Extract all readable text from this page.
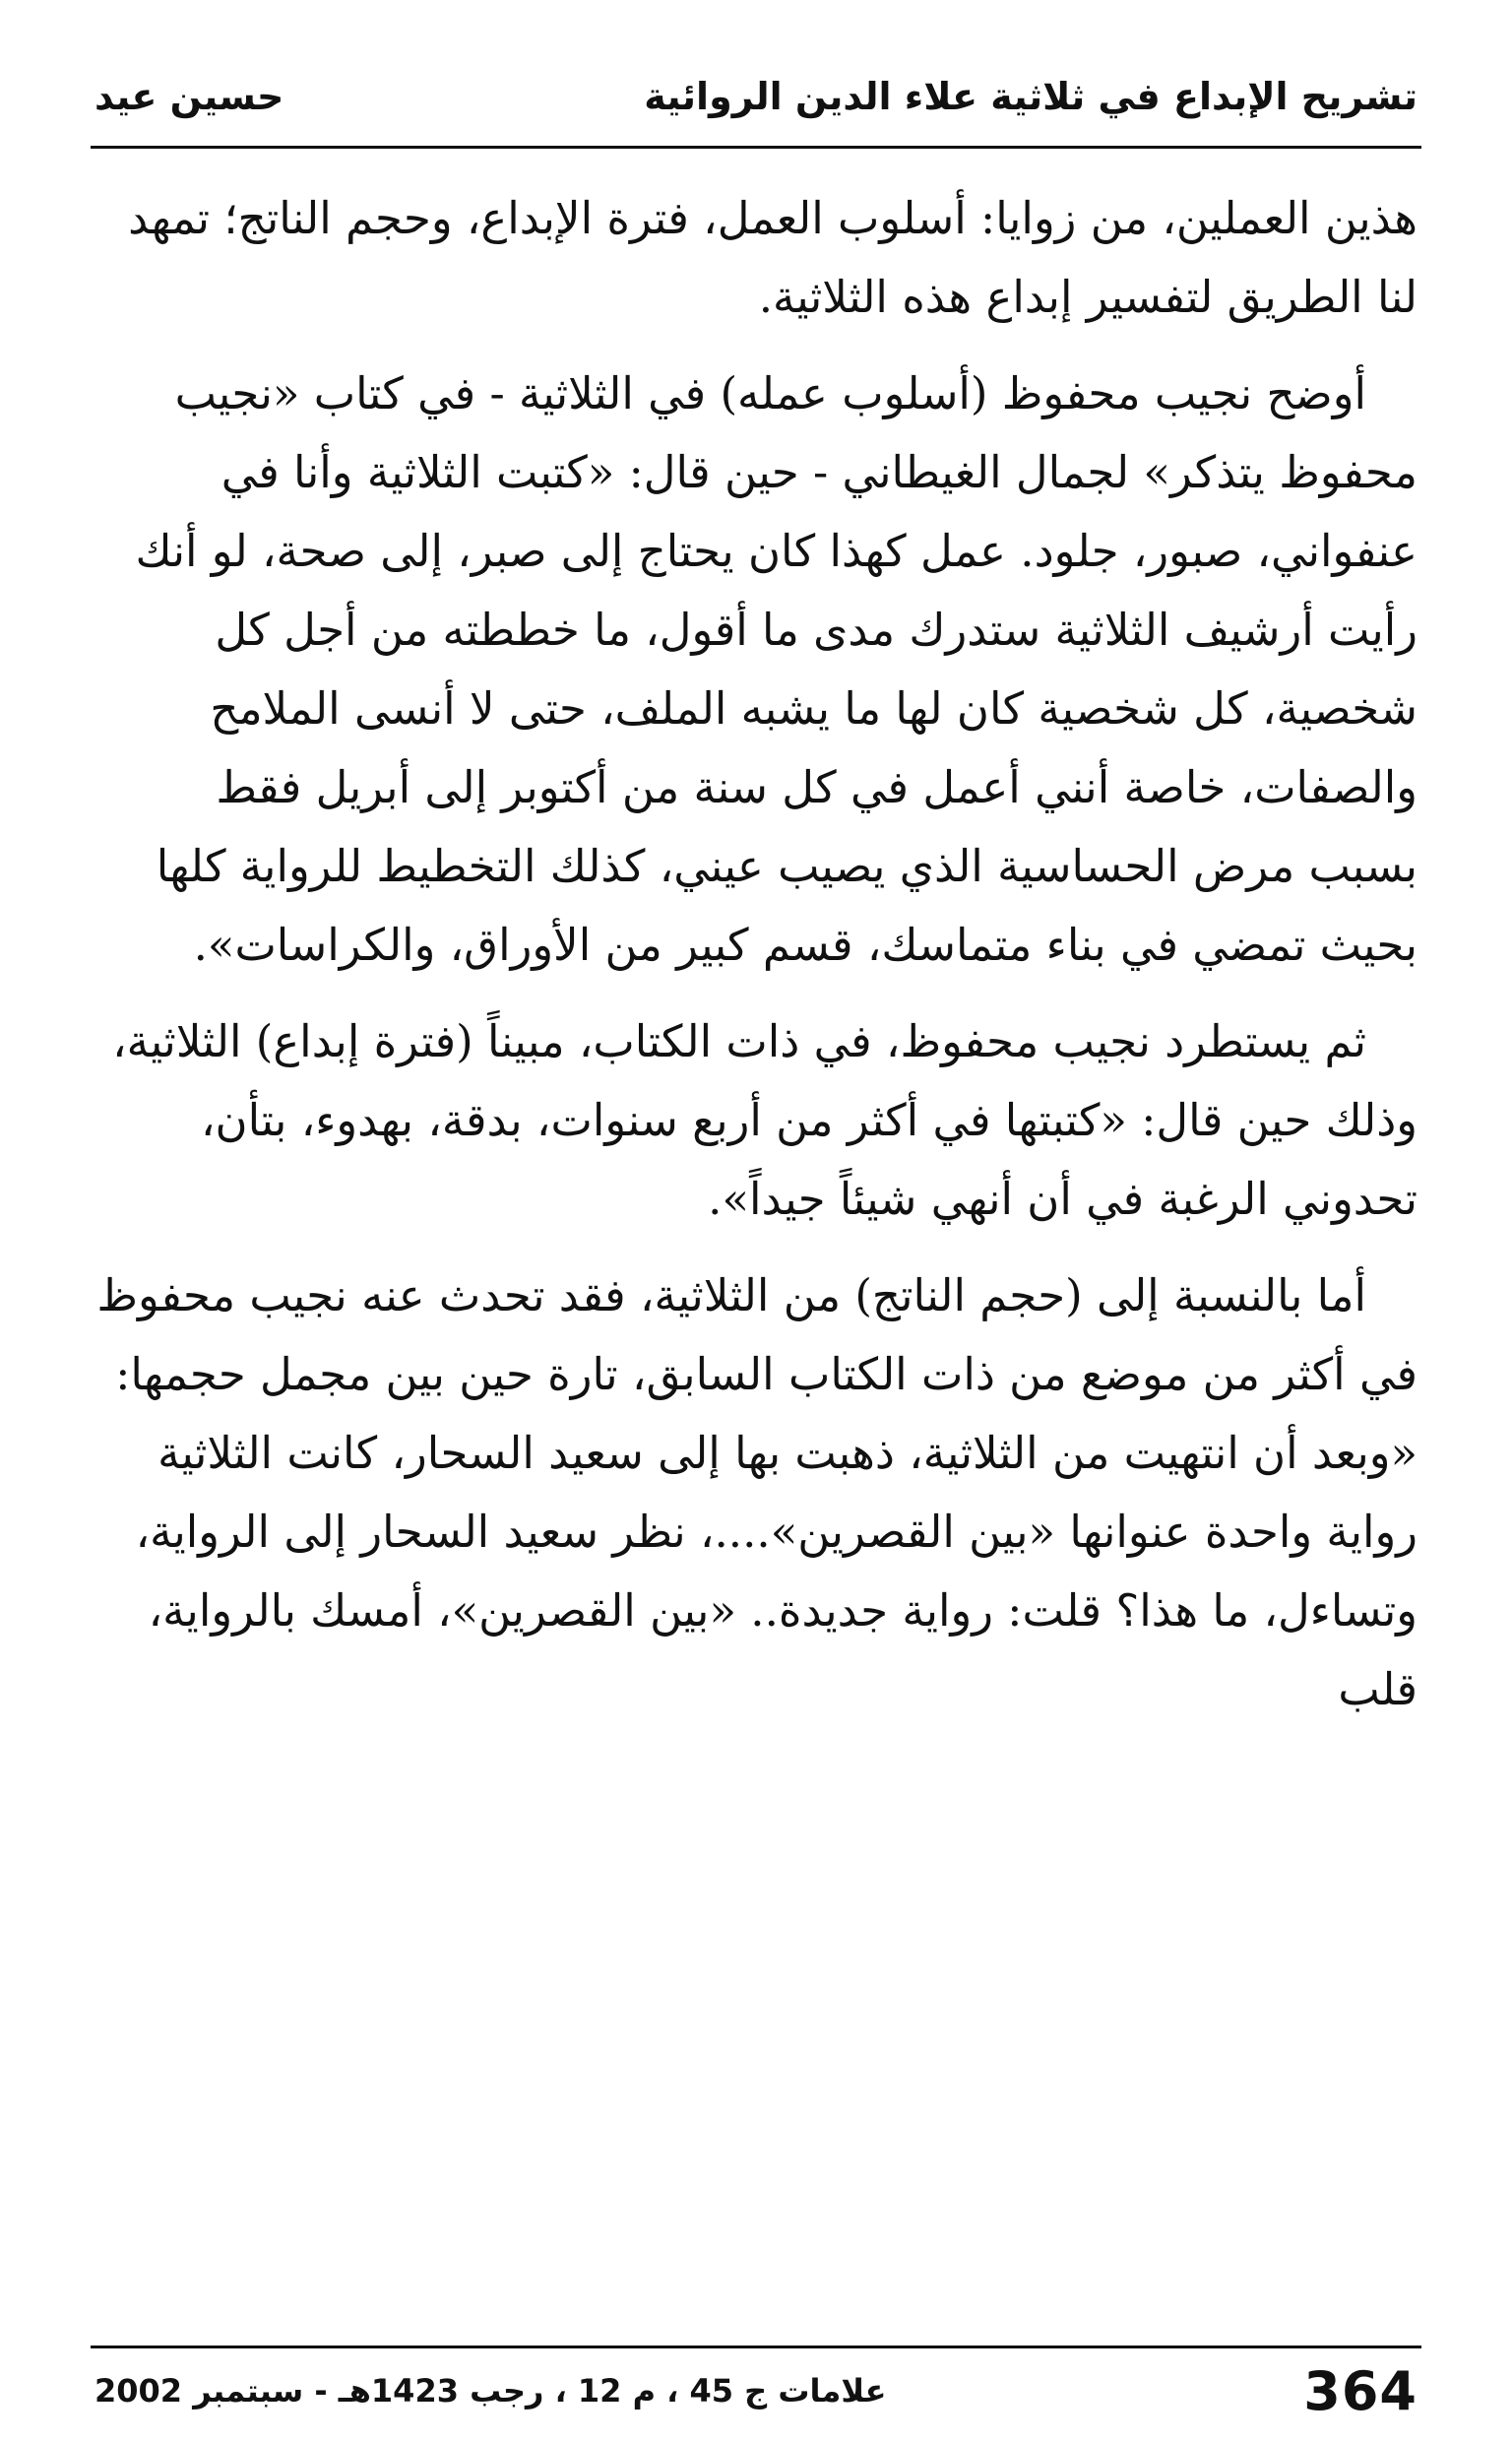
حسين عيد	تشريح الإبداع في ثلاثية علاء الدين الروائية

هذين العملين، من زوايا: أسلوب العمل، فترة الإبداع، وحجم الناتج؛ تمهد لنا الطريق لتفسير إبداع هذه الثلاثية.

أوضح نجيب محفوظ (أسلوب عمله) في الثلاثية - في كتاب «نجيب محفوظ يتذكر» لجمال الغيطاني - حين قال: «كتبت الثلاثية وأنا في عنفواني، صبور، جلود. عمل كهذا كان يحتاج إلى صبر، إلى صحة، لو أنك رأيت أرشيف الثلاثية ستدرك مدى ما أقول، ما خططته من أجل كل شخصية، كل شخصية كان لها ما يشبه الملف، حتى لا أنسى الملامح والصفات، خاصة أنني أعمل في كل سنة من أكتوبر إلى أبريل فقط بسبب مرض الحساسية الذي يصيب عيني، كذلك التخطيط للرواية كلها بحيث تمضي في بناء متماسك، قسم كبير من الأوراق، والكراسات».

ثم يستطرد نجيب محفوظ، في ذات الكتاب، مبيناً (فترة إبداع) الثلاثية، وذلك حين قال: «كتبتها في أكثر من أربع سنوات، بدقة، بهدوء، بتأن، تحدوني الرغبة في أن أنهي شيئاً جيداً».

أما بالنسبة إلى (حجم الناتج) من الثلاثية، فقد تحدث عنه نجيب محفوظ في أكثر من موضع من ذات الكتاب السابق، تارة حين بين مجمل حجمها: «وبعد أن انتهيت من الثلاثية، ذهبت بها إلى سعيد السحار، كانت الثلاثية رواية واحدة عنوانها «بين القصرين»....، نظر سعيد السحار إلى الرواية، وتساءل، ما هذا؟ قلت: رواية جديدة.. «بين القصرين»، أمسك بالرواية، قلب

علامات ج 45 ، م 12 ، رجب 1423هـ - سبتمبر 2002	364
